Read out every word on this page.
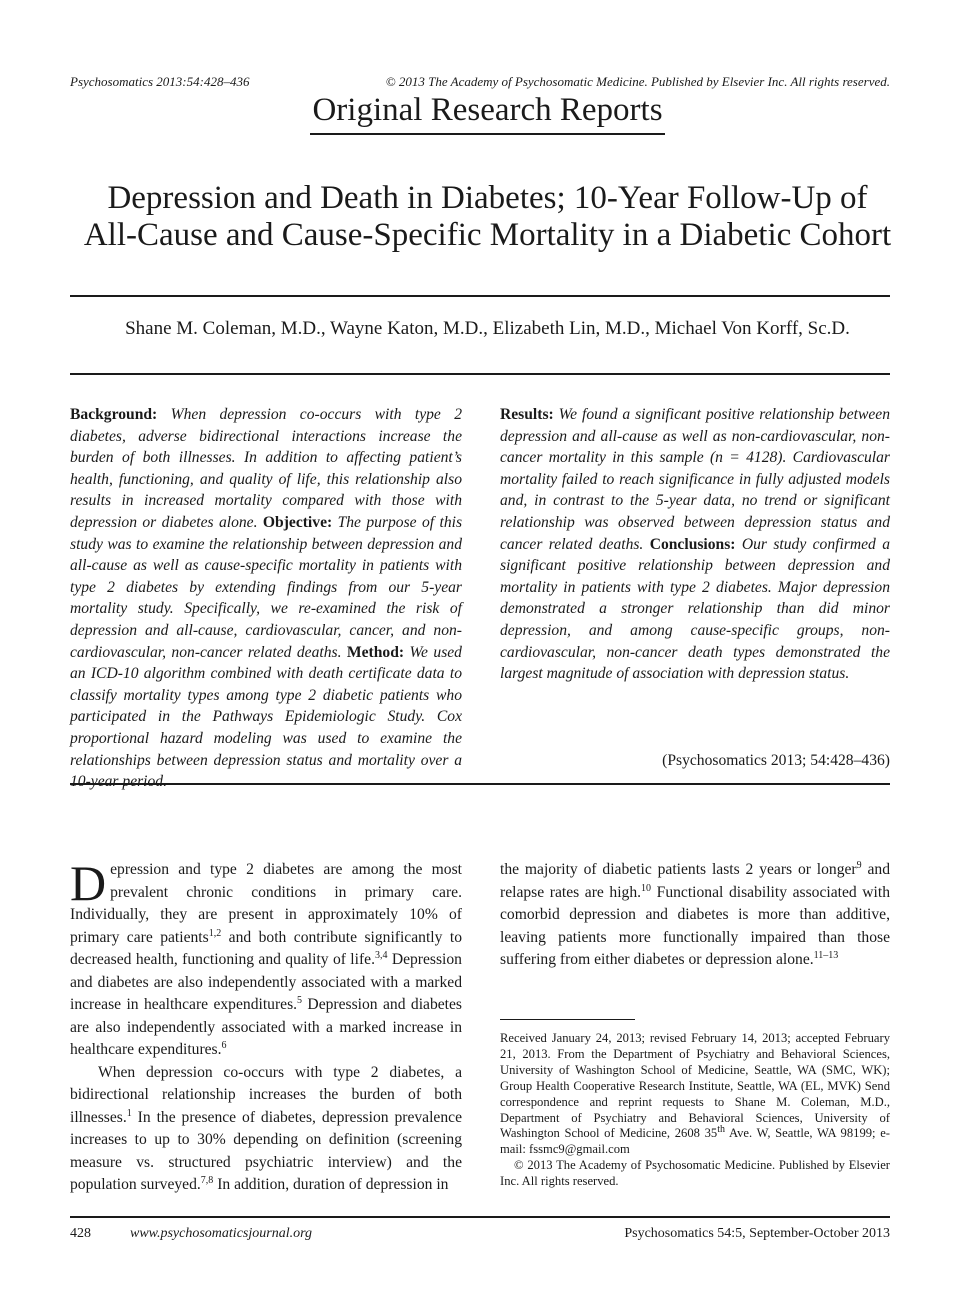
Psychosomatics 2013:54:428–436	© 2013 The Academy of Psychosomatic Medicine. Published by Elsevier Inc. All rights reserved.
Original Research Reports
Depression and Death in Diabetes; 10-Year Follow-Up of
All-Cause and Cause-Specific Mortality in a Diabetic Cohort
Shane M. Coleman, M.D., Wayne Katon, M.D., Elizabeth Lin, M.D., Michael Von Korff, Sc.D.
Background: When depression co-occurs with type 2 diabetes, adverse bidirectional interactions increase the burden of both illnesses. In addition to affecting patient’s health, functioning, and quality of life, this relationship also results in increased mortality compared with those with depression or diabetes alone. Objective: The purpose of this study was to examine the relationship between depression and all-cause as well as cause-specific mortality in patients with type 2 diabetes by extending findings from our 5-year mortality study. Specifically, we re-examined the risk of depression and all-cause, cardiovascular, cancer, and non-cardiovascular, non-cancer related deaths. Method: We used an ICD-10 algorithm combined with death certificate data to classify mortality types among type 2 diabetic patients who participated in the Pathways Epidemiologic Study. Cox proportional hazard modeling was used to examine the relationships between depression status and mortality over a 10-year period.
Results: We found a significant positive relationship between depression and all-cause as well as non-cardiovascular, non-cancer mortality in this sample (n = 4128). Cardiovascular mortality failed to reach significance in fully adjusted models and, in contrast to the 5-year data, no trend or significant relationship was observed between depression status and cancer related deaths. Conclusions: Our study confirmed a significant positive relationship between depression and mortality in patients with type 2 diabetes. Major depression demonstrated a stronger relationship than did minor depression, and among cause-specific groups, non-cardiovascular, non-cancer death types demonstrated the largest magnitude of association with depression status.
(Psychosomatics 2013; 54:428–436)

Depression and type 2 diabetes are among the most prevalent chronic conditions in primary care. Individually, they are present in approximately 10% of primary care patients$^{1,2}$ and both contribute significantly to decreased health, functioning and quality of life.$^{3,4}$ Depression and diabetes are also independently associated with a marked increase in healthcare expenditures.$^5$ Depression and diabetes are also independently associated with a marked increase in healthcare expenditures.$^6$

When depression co-occurs with type 2 diabetes, a bidirectional relationship increases the burden of both illnesses.$^1$ In the presence of diabetes, depression prevalence increases to up to 30% depending on definition (screening measure vs. structured psychiatric interview) and the population surveyed.$^{7,8}$ In addition, duration of depression in

the majority of diabetic patients lasts 2 years or longer$^9$ and relapse rates are high.$^{10}$ Functional disability associated with comorbid depression and diabetes is more than additive, leaving patients more functionally impaired than those suffering from either diabetes or depression alone.$^{11-13}$

Received January 24, 2013; revised February 14, 2013; accepted February 21, 2013. From the Department of Psychiatry and Behavioral Sciences, University of Washington School of Medicine, Seattle, WA (SMC, WK); Group Health Cooperative Research Institute, Seattle, WA (EL, MVK) Send correspondence and reprint requests to Shane M. Coleman, M.D., Department of Psychiatry and Behavioral Sciences, University of Washington School of Medicine, 2608 35th Ave. W, Seattle, WA 98199; e-mail: fssmc9@gmail.com

© 2013 The Academy of Psychosomatic Medicine. Published by Elsevier Inc. All rights reserved.

428	www.psychosomaticsjournal.org	Psychosomatics 54:5, September-October 2013
